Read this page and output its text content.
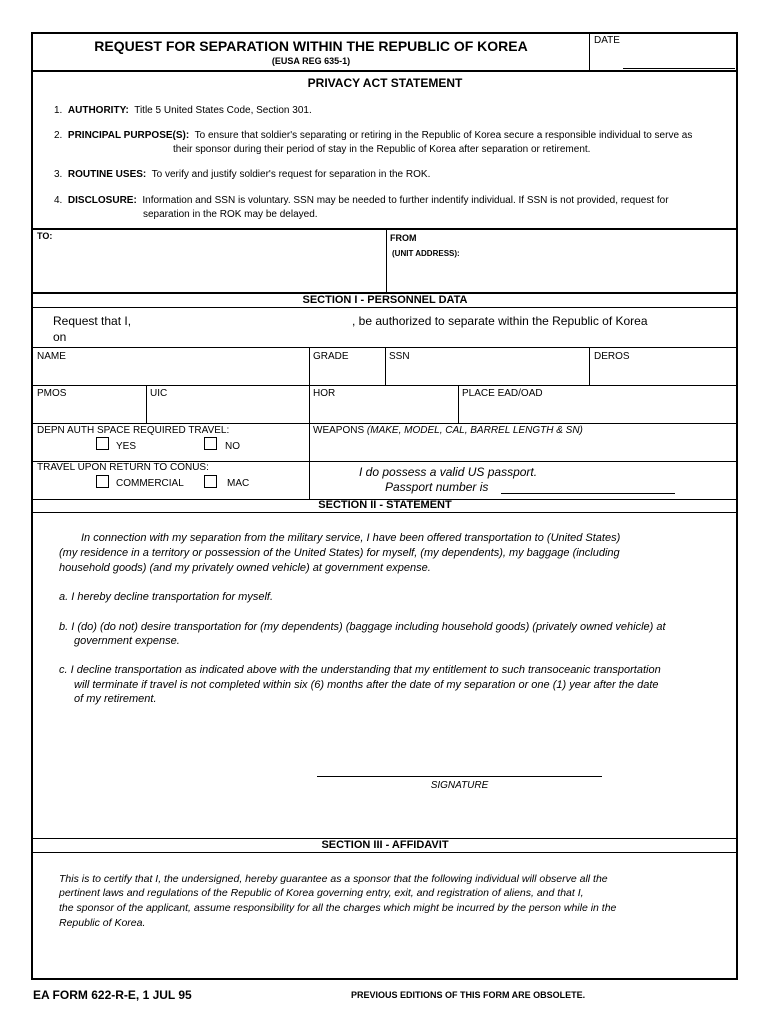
REQUEST FOR SEPARATION WITHIN THE REPUBLIC OF KOREA
(EUSA REG 635-1)
DATE
PRIVACY ACT STATEMENT
1. AUTHORITY: Title 5 United States Code, Section 301.
2. PRINCIPAL PURPOSE(S): To ensure that soldier's separating or retiring in the Republic of Korea secure a responsible individual to serve as
their sponsor during their period of stay in the Republic of Korea after separation or retirement.
3. ROUTINE USES: To verify and justify soldier's request for separation in the ROK.
4. DISCLOSURE: Information and SSN is voluntary. SSN may be needed to further indentify individual. If SSN is not provided, request for
separation in the ROK may be delayed.
TO:	FROM
(UNIT ADDRESS):
SECTION I - PERSONNEL DATA
Request that I,	, be authorized to separate within the Republic of Korea
on
NAME	GRADE	SSN	DEROS
PMOS	UIC	HOR	PLACE EAD/OAD
DEPN AUTH SPACE REQUIRED TRAVEL:
YES	NO
WEAPONS (MAKE, MODEL, CAL, BARREL LENGTH & SN)
TRAVEL UPON RETURN TO CONUS:
COMMERCIAL	MAC
I do possess a valid US passport.
Passport number is
SECTION II - STATEMENT
In connection with my separation from the military service, I have been offered transportation to (United States)
(my residence in a territory or possession of the United States) for myself, (my dependents), my baggage (including
household goods) (and my privately owned vehicle) at government expense.
a. I hereby decline transportation for myself.
b. I (do) (do not) desire transportation for (my dependents) (baggage including household goods) (privately owned vehicle) at
government expense.
c. I decline transportation as indicated above with the understanding that my entitlement to such transoceanic transportation
will terminate if travel is not completed within six (6) months after the date of my separation or one (1) year after the date
of my retirement.
SIGNATURE
SECTION III - AFFIDAVIT
This is to certify that I, the undersigned, hereby guarantee as a sponsor that the following individual will observe all the
pertinent laws and regulations of the Republic of Korea governing entry, exit, and registration of aliens, and that I,
the sponsor of the applicant, assume responsibility for all the charges which might be incurred by the person while in the
Republic of Korea.
EA FORM 622-R-E, 1 JUL 95	PREVIOUS EDITIONS OF THIS FORM ARE OBSOLETE.
